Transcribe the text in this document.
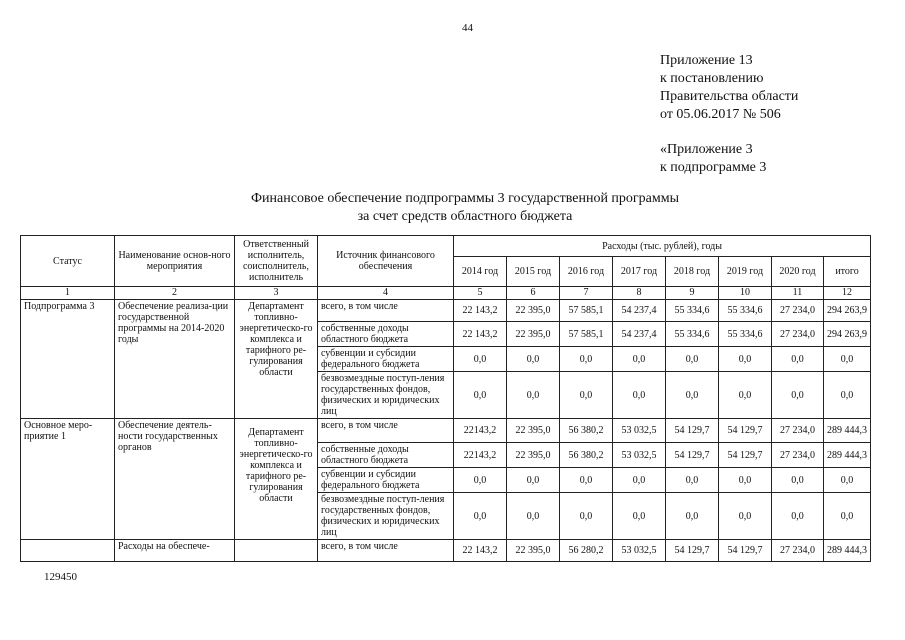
44
Приложение 13
к постановлению
Правительства области
от 05.06.2017 № 506
«Приложение 3
к подпрограмме 3
Финансовое обеспечение подпрограммы 3 государственной программы
за счет средств областного бюджета
Статус	Наименование основ-ного мероприятия	Ответственный исполнитель, соисполнитель, исполнитель	Источник финансового обеспечения	Расходы (тыс. рублей), годы							
				2014 год	2015 год	2016 год	2017 год	2018 год	2019 год	2020 год	итого
1	2	3	4	5	6	7	8	9	10	11	12
Подпрограмма 3	Обеспечение реализа-ции государственной программы на 2014-2020 годы	Департамент топливно-энергетическо-го комплекса и тарифного ре-гулирования области	всего, в том числе	22 143,2	22 395,0	57 585,1	54 237,4	55 334,6	55 334,6	27 234,0	294 263,9
			собственные доходы областного бюджета	22 143,2	22 395,0	57 585,1	54 237,4	55 334,6	55 334,6	27 234,0	294 263,9
			субвенции и субсидии федерального бюджета	0,0	0,0	0,0	0,0	0,0	0,0	0,0	0,0
			безвозмездные поступ-ления государственных фондов, физических и юридических лиц	0,0	0,0	0,0	0,0	0,0	0,0	0,0	0,0
Основное меро-приятие 1	Обеспечение деятель-ности государственных органов	Департамент топливно-энергетическо-го комплекса и тарифного ре-гулирования области	всего, в том числе	22143,2	22 395,0	56 380,2	53 032,5	54 129,7	54 129,7	27 234,0	289 444,3
			собственные доходы областного бюджета	22143,2	22 395,0	56 380,2	53 032,5	54 129,7	54 129,7	27 234,0	289 444,3
			субвенции и субсидии федерального бюджета	0,0	0,0	0,0	0,0	0,0	0,0	0,0	0,0
			безвозмездные поступ-ления государственных фондов, физических и юридических лиц	0,0	0,0	0,0	0,0	0,0	0,0	0,0	0,0
	Расходы на обеспече-		всего, в том числе	22 143,2	22 395,0	56 280,2	53 032,5	54 129,7	54 129,7	27 234,0	289 444,3
129450
